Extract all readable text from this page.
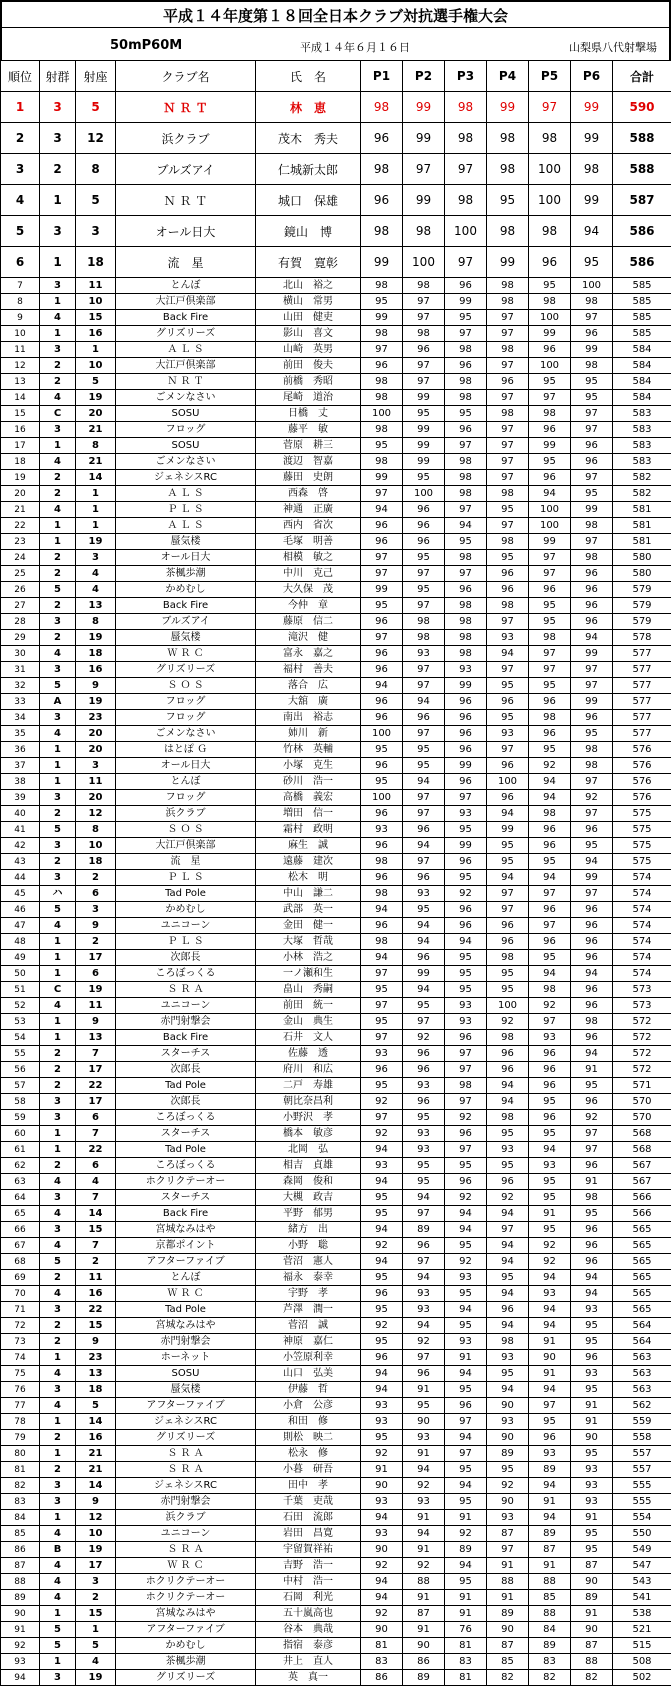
平成１４年度第１８回全日本クラブ対抗選手権大会
50mP60M	平成１４年６月１６日	山梨県八代射撃場
順位	射群	射座	クラブ名	氏　名	P1	P2	P3	P4	P5	P6	合計
1	3	5	Ｎ Ｒ Ｔ	林　恵	98	99	98	99	97	99	590
2	3	12	浜クラブ	茂木　秀夫	96	99	98	98	98	99	588
3	2	8	ブルズアイ	仁城新太郎	98	97	97	98	100	98	588
4	1	5	Ｎ Ｒ Ｔ	城口　保雄	96	99	98	95	100	99	587
5	3	3	オール日大	鏡山　博	98	98	100	98	98	94	586
6	1	18	流　星	有賀　寛彰	99	100	97	99	96	95	586
7	3	11	とんぼ	北山　裕之	98	98	96	98	95	100	585
8	1	10	大江戸倶楽部	横山　常男	95	97	99	98	98	98	585
9	4	15	Back Fire	山田　健吏	99	97	95	97	100	97	585
10	1	16	グリズリーズ	影山　喜文	98	98	97	97	99	96	585
11	3	1	Ａ Ｌ Ｓ	山崎　英男	97	96	98	98	96	99	584
12	2	10	大江戸倶楽部	前田　俊夫	96	97	96	97	100	98	584
13	2	5	Ｎ Ｒ Ｔ	前橋　秀昭	98	97	98	96	95	95	584
14	4	19	ごメンなさい	尾崎　道治	98	99	98	97	97	95	584
15	C	20	SOSU	日橋　丈	100	95	95	98	98	97	583
16	3	21	フロッグ	藤平　敏	98	99	96	97	96	97	583
17	1	8	SOSU	菅原　耕三	95	99	97	97	99	96	583
18	4	21	ごメンなさい	渡辺　智嘉	98	99	98	97	95	96	583
19	2	14	ジェネシスRC	藤田　史朗	99	95	98	97	96	97	582
20	2	1	Ａ Ｌ Ｓ	西森　啓	97	100	98	98	94	95	582
21	4	1	Ｐ Ｌ Ｓ	神通　正廣	94	96	97	95	100	99	581
22	1	1	Ａ Ｌ Ｓ	西内　省次	96	96	94	97	100	98	581
23	1	19	蜃気楼	毛塚　明善	96	96	95	98	99	97	581
24	2	3	オール日大	相模　敏之	97	95	98	95	97	98	580
25	2	4	茶楓歩潮	中川　克己	97	97	97	96	97	96	580
26	5	4	かめむし	大久保　茂	99	95	96	96	96	96	579
27	2	13	Back Fire	今仲　章	95	97	98	98	95	96	579
28	3	8	ブルズアイ	藤原　信二	96	98	98	97	95	96	579
29	2	19	蜃気楼	滝沢　健	97	98	98	93	98	94	578
30	4	18	Ｗ Ｒ Ｃ	富永　嘉之	96	93	98	94	97	99	577
31	3	16	グリズリーズ	福村　善夫	96	97	93	97	97	97	577
32	5	9	Ｓ Ｏ Ｓ	落合　広	94	97	99	95	95	97	577
33	A	19	フロッグ	大舘　廣	96	94	96	96	96	99	577
34	3	23	フロッグ	南出　裕志	96	96	96	95	98	96	577
35	4	20	ごメンなさい	姉川　新	100	97	96	93	96	95	577
36	1	20	はとぽ Ｇ	竹林　英輔	95	95	96	97	95	98	576
37	1	3	オール日大	小塚　克生	96	95	99	96	92	98	576
38	1	11	とんぼ	砂川　浩一	95	94	96	100	94	97	576
39	3	20	フロッグ	高橋　義宏	100	97	97	96	94	92	576
40	2	12	浜クラブ	増田　信一	96	97	93	94	98	97	575
41	5	8	Ｓ Ｏ Ｓ	霜村　政明	93	96	95	99	96	96	575
42	3	10	大江戸倶楽部	麻生　誠	96	94	99	95	96	95	575
43	2	18	流　星	遠藤　建次	98	97	96	95	95	94	575
44	3	2	Ｐ Ｌ Ｓ	松木　明	96	96	95	94	94	99	574
45	ハ	6	Tad Pole	中山　謙二	98	93	92	97	97	97	574
46	5	3	かめむし	武部　英一	94	95	96	97	96	96	574
47	4	9	ユニコーン	金田　健一	96	94	96	96	97	96	574
48	1	2	Ｐ Ｌ Ｓ	大塚　哲哉	98	94	94	96	96	96	574
49	1	17	次郎長	小林　浩之	94	96	95	98	95	96	574
50	1	6	ころぼっくる	一ノ瀬和生	97	99	95	95	94	94	574
51	C	19	Ｓ Ｒ Ａ	畠山　秀嗣	95	94	95	95	98	96	573
52	4	11	ユニコーン	前田　統一	97	95	93	100	92	96	573
53	1	9	赤門射撃会	金山　典生	95	97	93	92	97	98	572
54	1	13	Back Fire	石井　文人	97	92	96	98	93	96	572
55	2	7	スターチス	佐藤　透	93	96	97	96	96	94	572
56	2	17	次郎長	府川　和広	96	96	97	96	96	91	572
57	2	22	Tad Pole	二戸　寿雄	95	93	98	94	96	95	571
58	3	17	次郎長	朝比奈昌利	92	96	97	94	95	96	570
59	3	6	ころぼっくる	小野沢　孝	97	95	92	98	96	92	570
60	1	7	スターチス	橋本　敏彦	92	93	96	95	95	97	568
61	1	22	Tad Pole	北岡　弘	94	93	97	93	94	97	568
62	2	6	ころぼっくる	相吉　貞雄	93	95	95	95	93	96	567
63	4	4	ホクリクテーオー	森岡　俊和	94	95	96	96	95	91	567
64	3	7	スターチス	大槻　政吉	95	94	92	92	95	98	566
65	4	14	Back Fire	平野　郁男	95	97	94	94	91	95	566
66	3	15	宮城なみはや	緒方　出	94	89	94	97	95	96	565
67	4	7	京都ポイント	小野　聡	92	96	95	94	92	96	565
68	5	2	アフターファイブ	菅沼　憲人	94	97	92	94	92	96	565
69	2	11	とんぼ	福永　泰幸	95	94	93	95	94	94	565
70	4	16	Ｗ Ｒ Ｃ	宇野　孝	96	93	95	94	93	94	565
71	3	22	Tad Pole	芦澤　潤一	95	93	94	96	94	93	565
72	2	15	宮城なみはや	菅沼　誠	92	94	95	94	94	95	564
73	2	9	赤門射撃会	神原　嘉仁	95	92	93	98	91	95	564
74	1	23	ホーネット	小笠原利幸	96	97	91	93	90	96	563
75	4	13	SOSU	山口　弘美	94	96	94	95	91	93	563
76	3	18	蜃気楼	伊藤　哲	94	91	95	94	94	95	563
77	4	5	アフターファイブ	小倉　公彦	93	95	96	90	97	91	562
78	1	14	ジェネシスRC	和田　修	93	90	97	93	95	91	559
79	2	16	グリズリーズ	則松　映二	95	93	94	90	96	90	558
80	1	21	Ｓ Ｒ Ａ	松永　修	92	91	97	89	93	95	557
81	2	21	Ｓ Ｒ Ａ	小暮　研吾	91	94	95	95	89	93	557
82	3	14	ジェネシスRC	田中　孝	90	92	94	92	94	93	555
83	3	9	赤門射撃会	千葉　吏哉	93	93	95	90	91	93	555
84	1	12	浜クラブ	石田　流郎	94	91	91	93	94	91	554
85	4	10	ユニコーン	岩田　昌寛	93	94	92	87	89	95	550
86	B	19	Ｓ Ｒ Ａ	宇留賀祥祐	90	91	89	97	87	95	549
87	4	17	Ｗ Ｒ Ｃ	吉野　浩一	92	92	94	91	91	87	547
88	4	3	ホクリクテーオー	中村　浩一	94	88	95	88	88	90	543
89	4	2	ホクリクテーオー	石岡　利光	94	91	91	91	85	89	541
90	1	15	宮城なみはや	五十嵐高也	92	87	91	89	88	91	538
91	5	1	アフターファイブ	谷本　典哉	90	91	76	90	84	90	521
92	5	5	かめむし	指宿　泰彦	81	90	81	87	89	87	515
93	1	4	茶楓歩潮	井上　直人	83	86	83	85	83	88	508
94	3	19	グリズリーズ	英　真一	86	89	81	82	82	82	502
